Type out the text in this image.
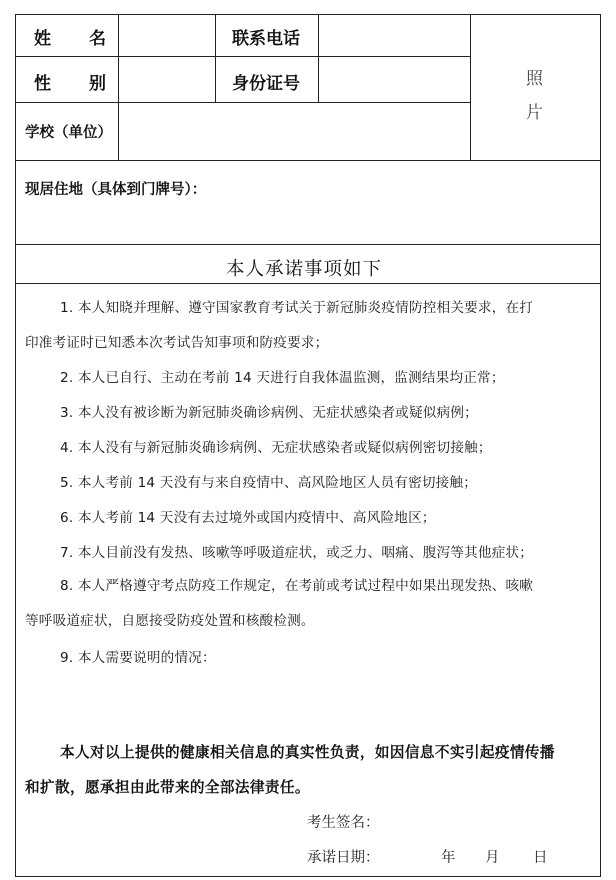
姓 名	联系电话
性 别	身份证号
学校（单位）
照
片
现居住地（具体到门牌号）：
本人承诺事项如下
1. 本人知晓并理解、遵守国家教育考试关于新冠肺炎疫情防控相关要求，在打
印准考证时已知悉本次考试告知事项和防疫要求；
2. 本人已自行、主动在考前 14 天进行自我体温监测，监测结果均正常；
3. 本人没有被诊断为新冠肺炎确诊病例、无症状感染者或疑似病例；
4. 本人没有与新冠肺炎确诊病例、无症状感染者或疑似病例密切接触；
5. 本人考前 14 天没有与来自疫情中、高风险地区人员有密切接触；
6. 本人考前 14 天没有去过境外或国内疫情中、高风险地区；
7. 本人目前没有发热、咳嗽等呼吸道症状，或乏力、咽痛、腹泻等其他症状；
8. 本人严格遵守考点防疫工作规定，在考前或考试过程中如果出现发热、咳嗽
等呼吸道症状，自愿接受防疫处置和核酸检测。
9. 本人需要说明的情况：
本人对以上提供的健康相关信息的真实性负责，如因信息不实引起疫情传播
和扩散，愿承担由此带来的全部法律责任。
考生签名：
承诺日期：	年 月 日
